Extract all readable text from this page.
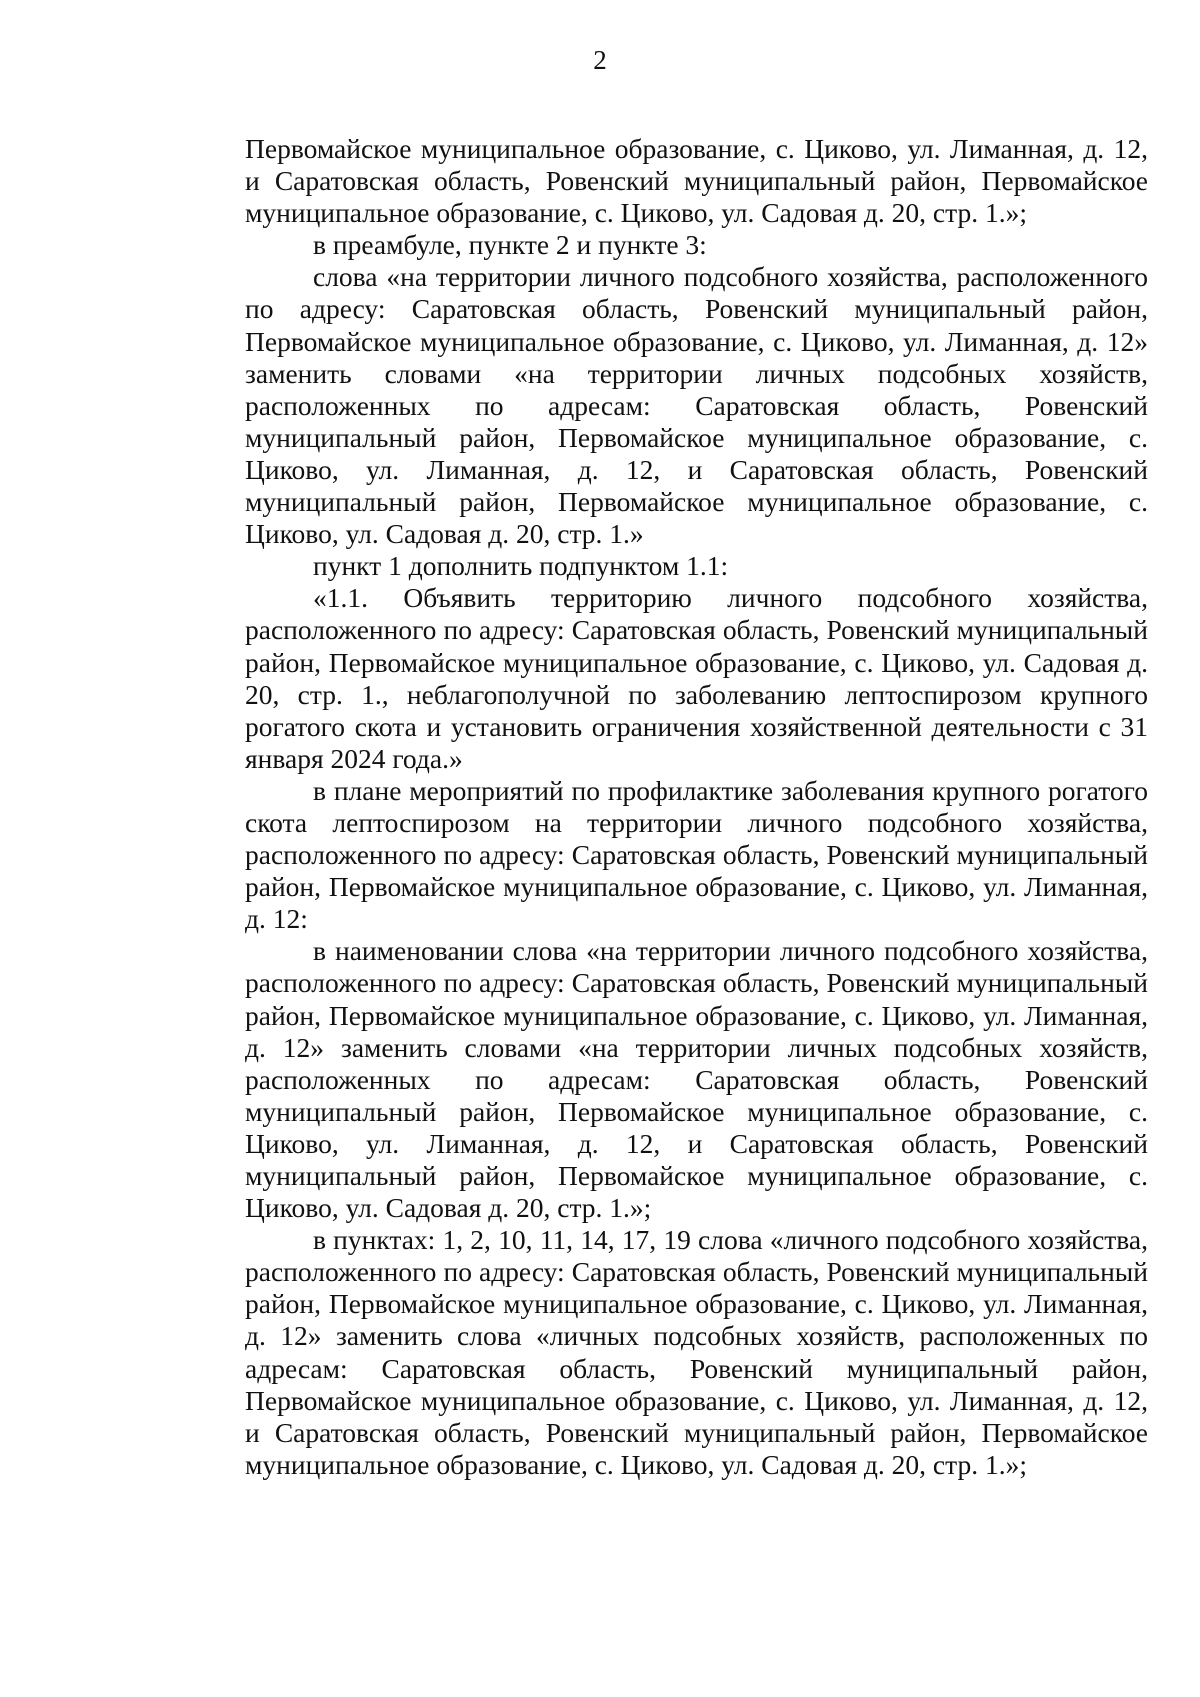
2

Первомайское муниципальное образование, с. Циково, ул. Лиманная, д. 12, и Саратовская область, Ровенский муниципальный район, Первомайское муниципальное образование, с. Циково, ул. Садовая д. 20, стр. 1.»;

в преамбуле, пункте 2 и пункте 3:

слова «на территории личного подсобного хозяйства, расположенного по адресу: Саратовская область, Ровенский муниципальный район, Первомайское муниципальное образование, с. Циково, ул. Лиманная, д. 12» заменить словами «на территории личных подсобных хозяйств, расположенных по адресам: Саратовская область, Ровенский муниципальный район, Первомайское муниципальное образование, с. Циково, ул. Лиманная, д. 12, и Саратовская область, Ровенский муниципальный район, Первомайское муниципальное образование, с. Циково, ул. Садовая д. 20, стр. 1.»

пункт 1 дополнить подпунктом 1.1:

«1.1. Объявить территорию личного подсобного хозяйства, расположенного по адресу: Саратовская область, Ровенский муниципальный район, Первомайское муниципальное образование, с. Циково, ул. Садовая д. 20, стр. 1., неблагополучной по заболеванию лептоспирозом крупного рогатого скота и установить ограничения хозяйственной деятельности с 31 января 2024 года.»

в плане мероприятий по профилактике заболевания крупного рогатого скота лептоспирозом на территории личного подсобного хозяйства, расположенного по адресу: Саратовская область, Ровенский муниципальный район, Первомайское муниципальное образование, с. Циково, ул. Лиманная, д. 12:

в наименовании слова «на территории личного подсобного хозяйства, расположенного по адресу: Саратовская область, Ровенский муниципальный район, Первомайское муниципальное образование, с. Циково, ул. Лиманная, д. 12» заменить словами «на территории личных подсобных хозяйств, расположенных по адресам: Саратовская область, Ровенский муниципальный район, Первомайское муниципальное образование, с. Циково, ул. Лиманная, д. 12, и Саратовская область, Ровенский муниципальный район, Первомайское муниципальное образование, с. Циково, ул. Садовая д. 20, стр. 1.»;

в пунктах: 1, 2, 10, 11, 14, 17, 19 слова «личного подсобного хозяйства, расположенного по адресу: Саратовская область, Ровенский муниципальный район, Первомайское муниципальное образование, с. Циково, ул. Лиманная, д. 12» заменить слова «личных подсобных хозяйств, расположенных по адресам: Саратовская область, Ровенский муниципальный район, Первомайское муниципальное образование, с. Циково, ул. Лиманная, д. 12, и Саратовская область, Ровенский муниципальный район, Первомайское муниципальное образование, с. Циково, ул. Садовая д. 20, стр. 1.»;
